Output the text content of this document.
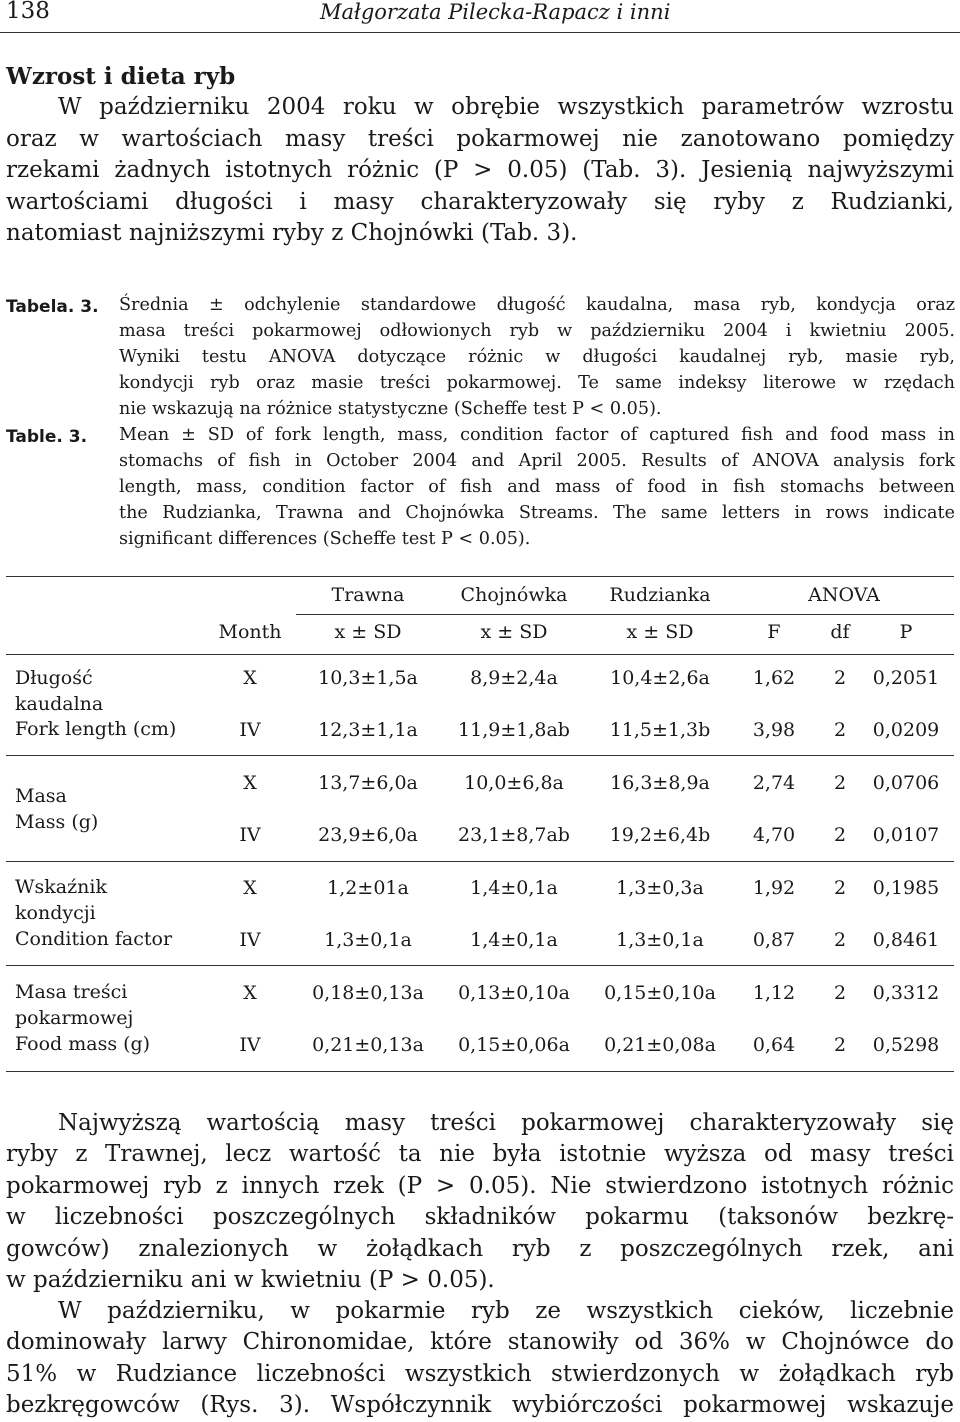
138	Małgorzata Pilecka-Rapacz i inni
Wzrost i dieta ryb
W październiku 2004 roku w obrębie wszystkich parametrów wzrostu
oraz w wartościach masy treści pokarmowej nie zanotowano pomiędzy
rzekami żadnych istotnych różnic (P > 0.05) (Tab. 3). Jesienią najwyższymi
wartościami długości i masy charakteryzowały się ryby z Rudzianki,
natomiast najniższymi ryby z Chojnówki (Tab. 3).
Tabela. 3. Średnia ± odchylenie standardowe długość kaudalna, masa ryb, kondycja oraz
masa treści pokarmowej odłowionych ryb w październiku 2004 i kwietniu 2005.
Wyniki testu ANOVA dotyczące różnic w długości kaudalnej ryb, masie ryb,
kondycji ryb oraz masie treści pokarmowej. Te same indeksy literowe w rzędach
nie wskazują na różnice statystyczne (Scheffe test P < 0.05).
Table. 3. Mean ± SD of fork length, mass, condition factor of captured fish and food mass in
stomachs of fish in October 2004 and April 2005. Results of ANOVA analysis fork
length, mass, condition factor of fish and mass of food in fish stomachs between
the Rudzianka, Trawna and Chojnówka Streams. The same letters in rows indicate
significant differences (Scheffe test P < 0.05).
Trawna	Chojnówka Rudzianka	ANOVA
Month	x ± SD	x ± SD	x ± SD	F	df	P
Długość
kaudalna
Fork length (cm)
X	10,3±1,5a	8,9±2,4a	10,4±2,6a 1,62 2 0,2051
IV	12,3±1,1a 11,9±1,8ab 11,5±1,3b 3,98 2 0,0209
Masa
Mass (g)
X	13,7±6,0a 10,0±6,8a 16,3±8,9a 2,74 2 0,0706
IV	23,9±6,0a 23,1±8,7ab 19,2±6,4b 4,70 2 0,0107
Wskaźnik
kondycji
Condition factor
X	1,2±01a	1,4±0,1a	1,3±0,3a	1,92 2 0,1985
IV	1,3±0,1a	1,4±0,1a	1,3±0,1a	0,87 2 0,8461
Masa treści
pokarmowej
Food mass (g)
X	0,18±0,13a 0,13±0,10a 0,15±0,10a 1,12 2 0,3312
IV	0,21±0,13a 0,15±0,06a 0,21±0,08a 0,64 2 0,5298
Najwyższą wartością masy treści pokarmowej charakteryzowały się
ryby z Trawnej, lecz wartość ta nie była istotnie wyższa od masy treści
pokarmowej ryb z innych rzek (P > 0.05). Nie stwierdzono istotnych różnic
w liczebności poszczególnych składników pokarmu (taksonów bezkrę-
gowców) znalezionych w żołądkach ryb z poszczególnych rzek, ani
w październiku ani w kwietniu (P > 0.05).
W październiku, w pokarmie ryb ze wszystkich cieków, liczebnie
dominowały larwy Chironomidae, które stanowiły od 36% w Chojnówce do
51% w Rudziance liczebności wszystkich stwierdzonych w żołądkach ryb
bezkręgowców (Rys. 3). Współczynnik wybiórczości pokarmowej wskazuje
